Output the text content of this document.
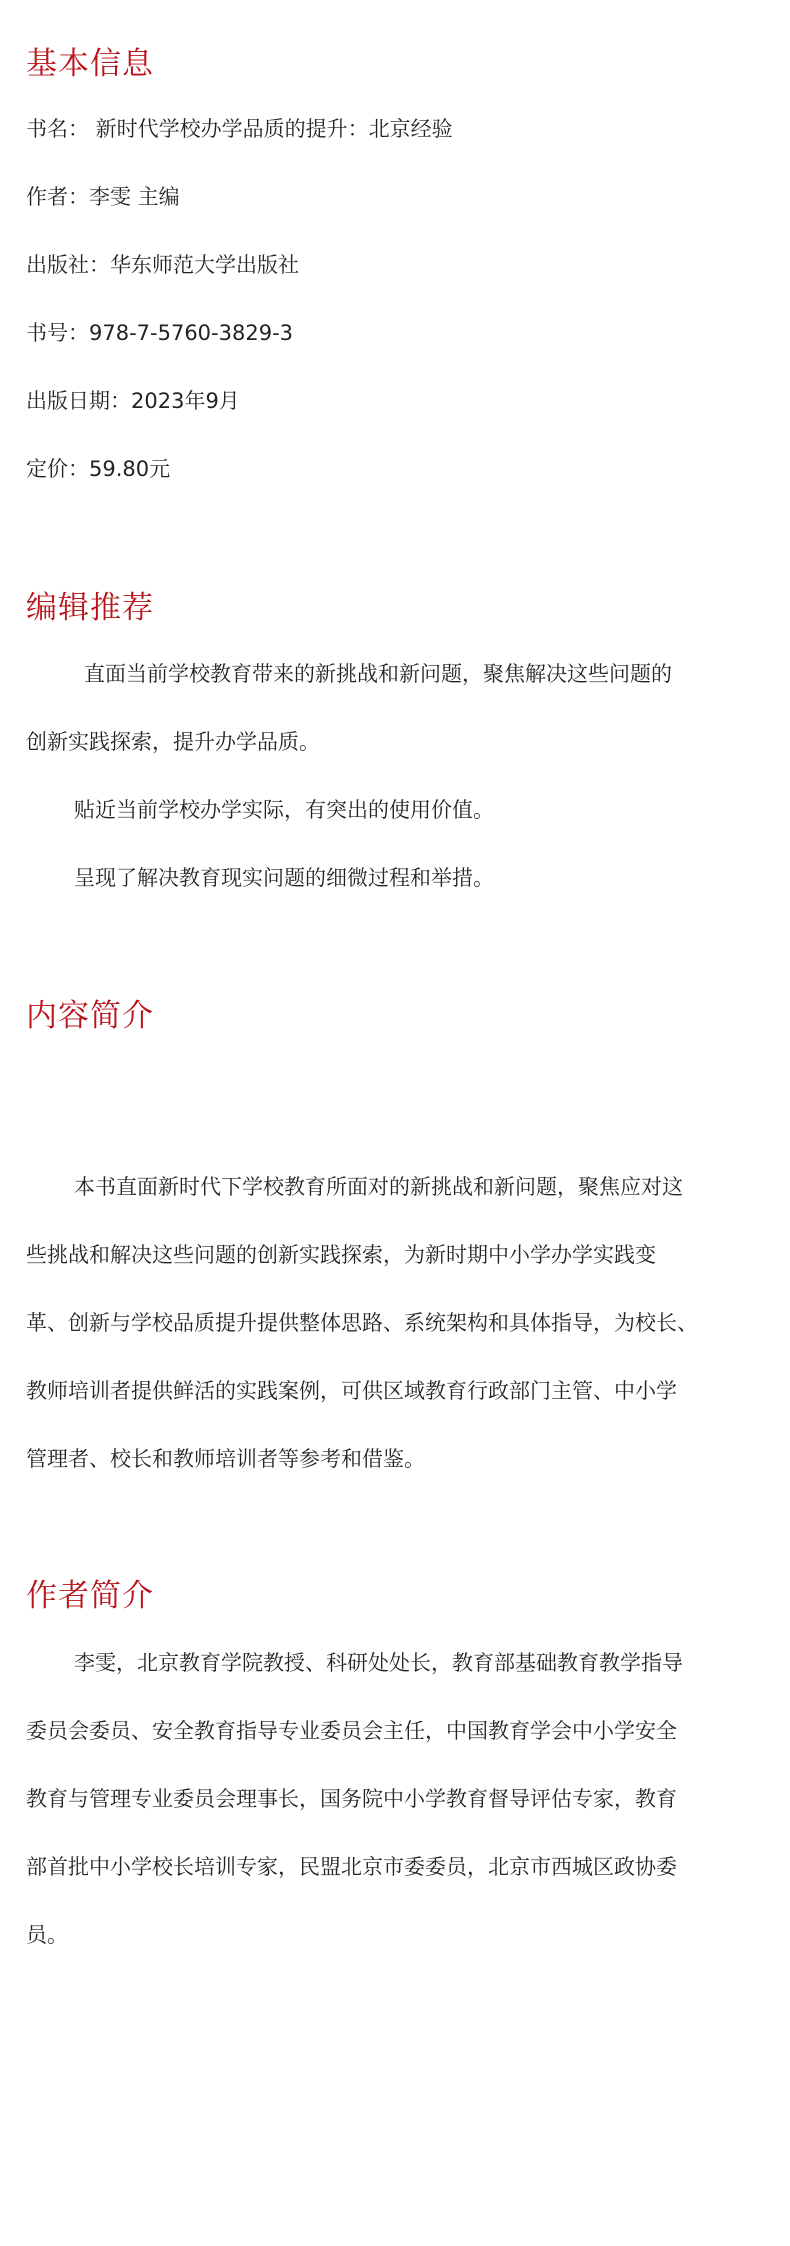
基本信息

书名： 新时代学校办学品质的提升：北京经验

作者：李雯 主编

出版社：华东师范大学出版社

书号：978-7-5760-3829-3

出版日期：2023年9月

定价：59.80元

编辑推荐

直面当前学校教育带来的新挑战和新问题，聚焦解决这些问题的

创新实践探索，提升办学品质。

贴近当前学校办学实际，有突出的使用价值。

呈现了解决教育现实问题的细微过程和举措。

内容简介

本书直面新时代下学校教育所面对的新挑战和新问题，聚焦应对这

些挑战和解决这些问题的创新实践探索，为新时期中小学办学实践变

革、创新与学校品质提升提供整体思路、系统架构和具体指导，为校长、

教师培训者提供鲜活的实践案例，可供区域教育行政部门主管、中小学

管理者、校长和教师培训者等参考和借鉴。

作者简介

李雯，北京教育学院教授、科研处处长，教育部基础教育教学指导

委员会委员、安全教育指导专业委员会主任，中国教育学会中小学安全

教育与管理专业委员会理事长，国务院中小学教育督导评估专家，教育

部首批中小学校长培训专家，民盟北京市委委员，北京市西城区政协委

员。
